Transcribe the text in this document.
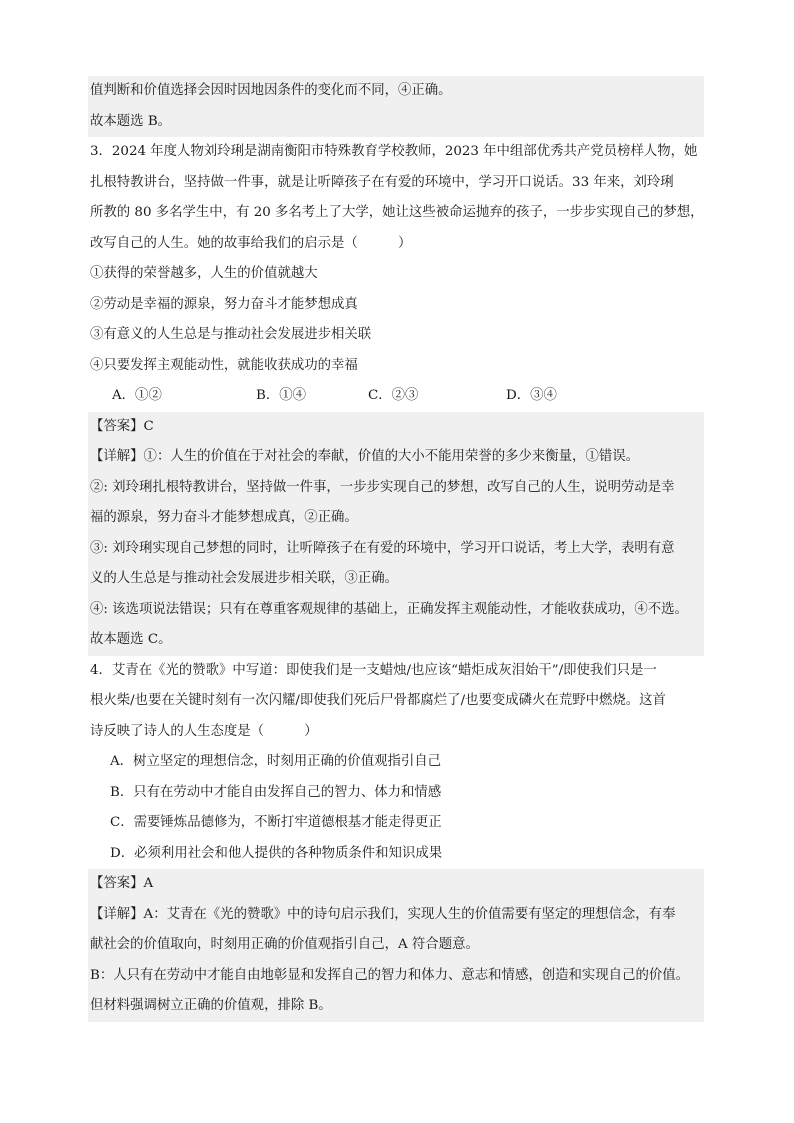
值判断和价值选择会因时因地因条件的变化而不同，④正确。
故本题选 B。
3．2024 年度人物刘玲琍是湖南衡阳市特殊教育学校教师，2023 年中组部优秀共产党员榜样人物，她
扎根特教讲台，坚持做一件事，就是让听障孩子在有爱的环境中，学习开口说话。33 年来，刘玲琍
所教的 80 多名学生中，有 20 多名考上了大学，她让这些被命运抛弃的孩子，一步步实现自己的梦想，
改写自己的人生。她的故事给我们的启示是（　　　）
①获得的荣誉越多，人生的价值就越大
②劳动是幸福的源泉，努力奋斗才能梦想成真
③有意义的人生总是与推动社会发展进步相关联
④只要发挥主观能动性，就能收获成功的幸福
A．①②	B．①④	C．②③	D．③④
【答案】C
【详解】①：人生的价值在于对社会的奉献，价值的大小不能用荣誉的多少来衡量，①错误。
②: 刘玲琍扎根特教讲台，坚持做一件事，一步步实现自己的梦想，改写自己的人生，说明劳动是幸
福的源泉，努力奋斗才能梦想成真，②正确。
③: 刘玲琍实现自己梦想的同时，让听障孩子在有爱的环境中，学习开口说话，考上大学，表明有意
义的人生总是与推动社会发展进步相关联，③正确。
④: 该选项说法错误；只有在尊重客观规律的基础上，正确发挥主观能动性，才能收获成功，④不选。
故本题选 C。
4．艾青在《光的赞歌》中写道：即使我们是一支蜡烛/也应该“蜡炬成灰泪始干”/即使我们只是一
根火柴/也要在关键时刻有一次闪耀/即使我们死后尸骨都腐烂了/也要变成磷火在荒野中燃烧。这首
诗反映了诗人的人生态度是（　　　）
A．树立坚定的理想信念，时刻用正确的价值观指引自己
B．只有在劳动中才能自由发挥自己的智力、体力和情感
C．需要锤炼品德修为，不断打牢道德根基才能走得更正
D．必须利用社会和他人提供的各种物质条件和知识成果
【答案】A
【详解】A：艾青在《光的赞歌》中的诗句启示我们，实现人生的价值需要有坚定的理想信念，有奉
献社会的价值取向，时刻用正确的价值观指引自己，A 符合题意。
B：人只有在劳动中才能自由地彰显和发挥自己的智力和体力、意志和情感，创造和实现自己的价值。
但材料强调树立正确的价值观，排除 B。
